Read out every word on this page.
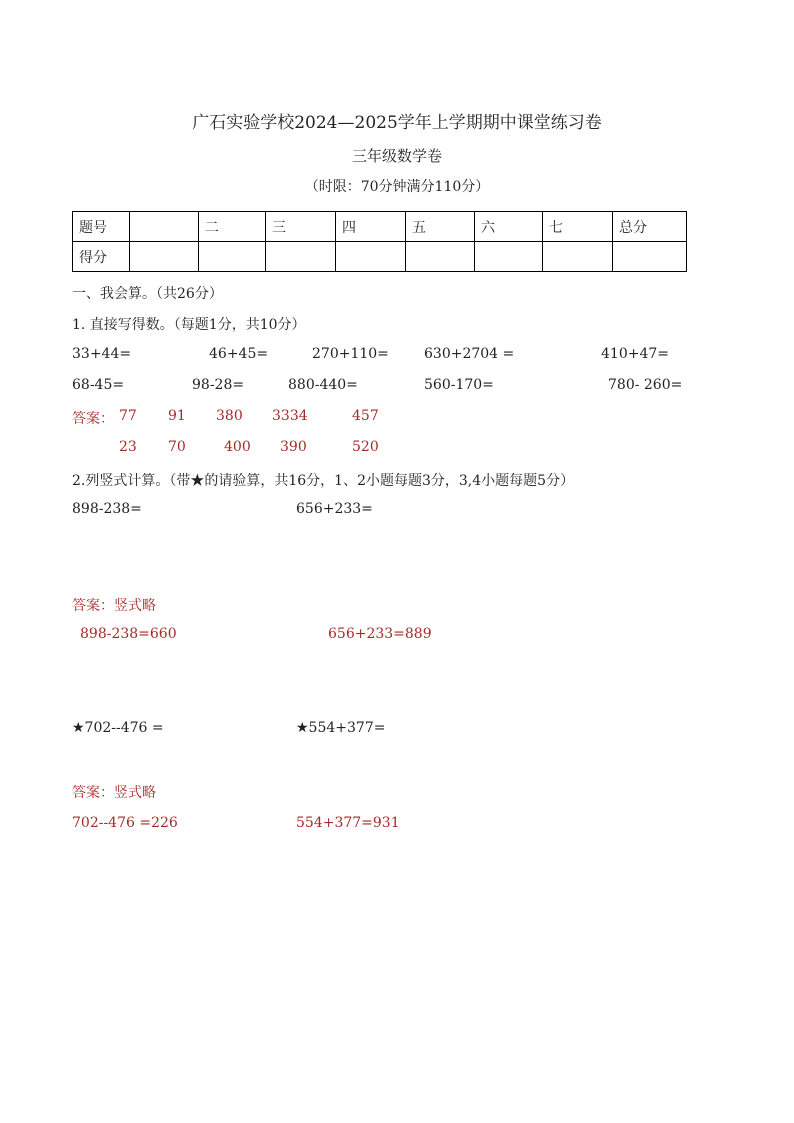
广石实验学校2024—2025学年上学期期中课堂练习卷
三年级数学卷
（时限：70分钟满分110分）
题号		二	三	四	五	六	七	总分
得分								
一、我会算。（共26分）
1. 直接写得数。（每题1分，共10分）
33+44=	46+45=	270+110=	630+2704 =	410+47=
68-45=	98-28=	880-440=	560-170=	780- 260=
答案： 77 91 380 3334	457
23 70	400 390	520
2.列竖式计算。（带★的请验算，共16分，1、2小题每题3分，3,4小题每题5分）
898-238=	656+233=
答案：竖式略
898-238=660	656+233=889
★702--476 =	★554+377=
答案：竖式略
702--476 =226	554+377=931
